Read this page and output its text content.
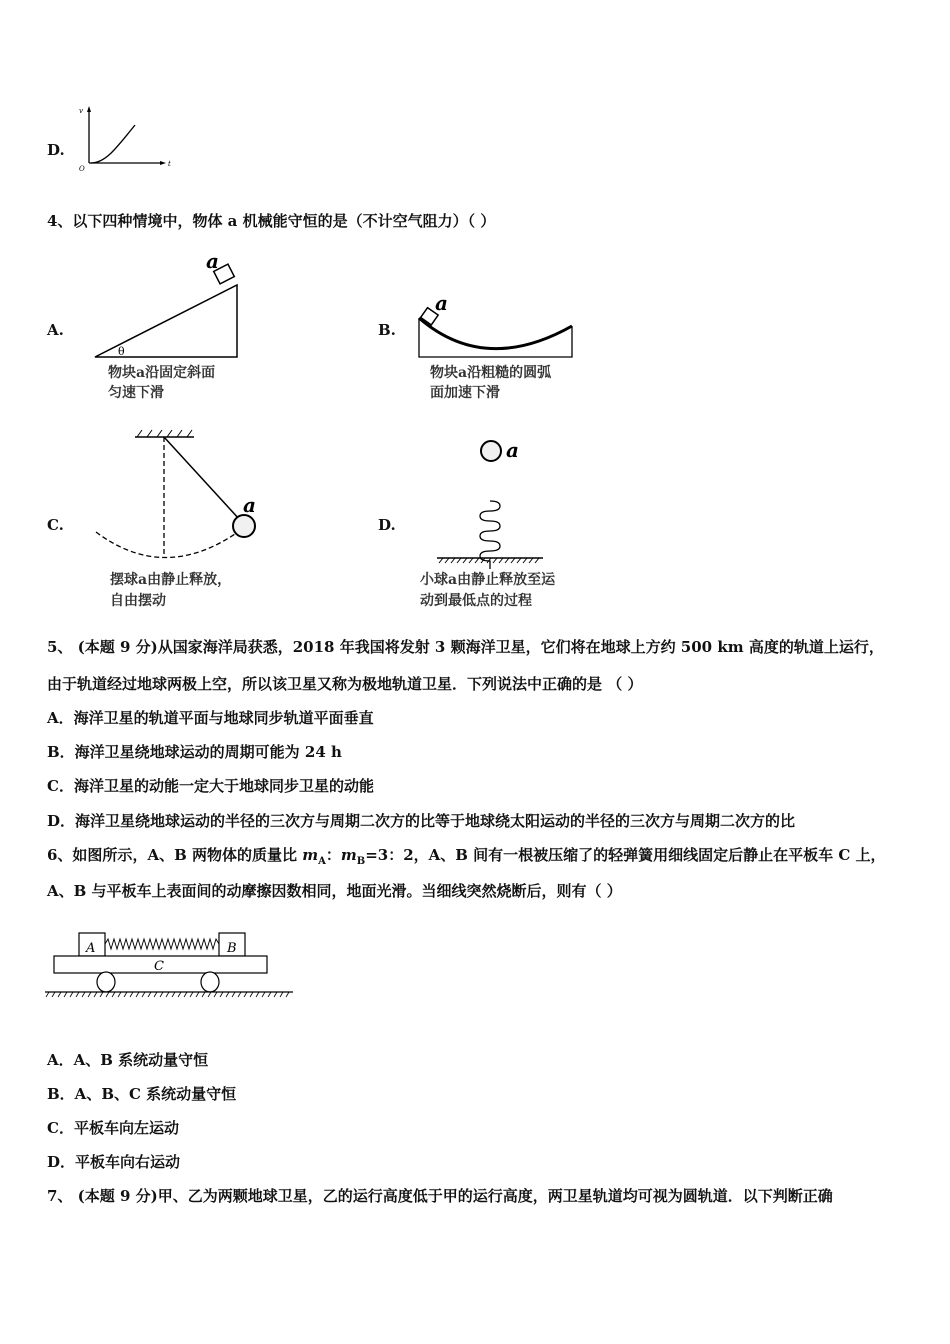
D.
v
t
O
4、以下四种情境中，物体 a 机械能守恒的是（不计空气阻力）（ ）
A.
a
θ
物块a沿固定斜面
匀速下滑
B.
a
物块a沿粗糙的圆弧
面加速下滑
C.
a
摆球a由静止释放，
自由摆动
D.
a
小球a由静止释放至运
动到最低点的过程
5、 (本题 9 分)从国家海洋局获悉，2018 年我国将发射 3 颗海洋卫星，它们将在地球上方约 500 km 高度的轨道上运行，
由于轨道经过地球两极上空，所以该卫星又称为极地轨道卫星．下列说法中正确的是 （ ）
A．海洋卫星的轨道平面与地球同步轨道平面垂直
B．海洋卫星绕地球运动的周期可能为 24 h
C．海洋卫星的动能一定大于地球同步卫星的动能
D．海洋卫星绕地球运动的半径的三次方与周期二次方的比等于地球绕太阳运动的半径的三次方与周期二次方的比
6、如图所示，A、B 两物体的质量比 $m_A$：$m_B=3$：2，A、B 间有一根被压缩了的轻弹簧用细线固定后静止在平板车 C 上，
A、B 与平板车上表面间的动摩擦因数相同，地面光滑。当细线突然烧断后，则有（ ）
A	B
C
A．A、B 系统动量守恒
B．A、B、C 系统动量守恒
C．平板车向左运动
D．平板车向右运动
7、 (本题 9 分)甲、乙为两颗地球卫星，乙的运行高度低于甲的运行高度，两卫星轨道均可视为圆轨道．以下判断正确
